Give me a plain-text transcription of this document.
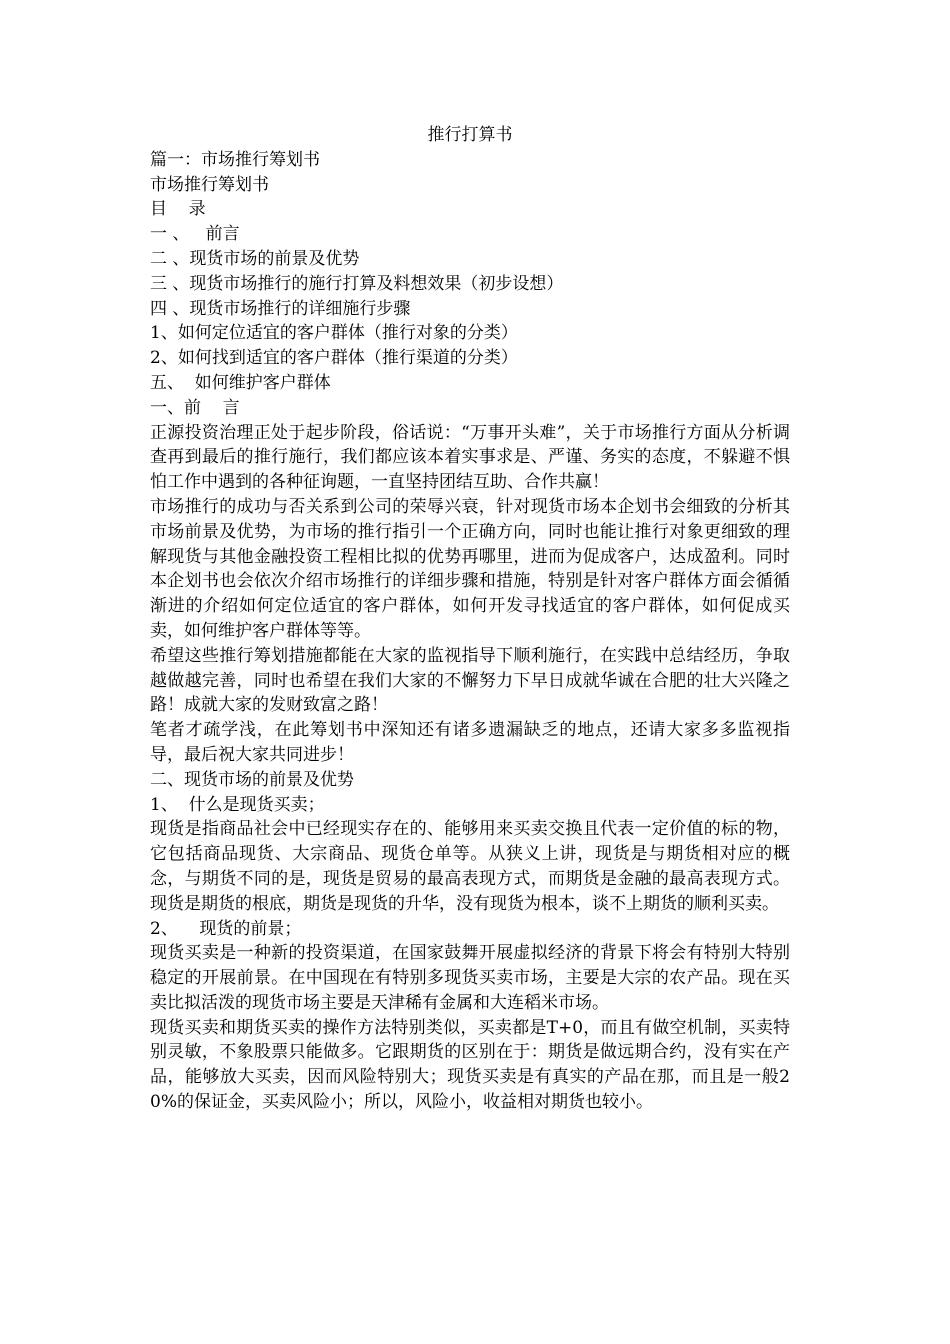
推行打算书

篇一：市场推行筹划书

市场推行筹划书

目    录

一 、   前言

二 、现货市场的前景及优势

三 、现货市场推行的施行打算及料想效果（初步设想）

四 、现货市场推行的详细施行步骤

1、如何定位适宜的客户群体（推行对象的分类）

2、如何找到适宜的客户群体（推行渠道的分类）

五、  如何维护客户群体

一、前    言

正源投资治理正处于起步阶段，俗话说：“万事开头难”，关于市场推行方面从分析调查再到最后的推行施行，我们都应该本着实事求是、严谨、务实的态度，不躲避不惧怕工作中遇到的各种征询题，一直坚持团结互助、合作共赢！

市场推行的成功与否关系到公司的荣辱兴衰，针对现货市场本企划书会细致的分析其市场前景及优势，为市场的推行指引一个正确方向，同时也能让推行对象更细致的理解现货与其他金融投资工程相比拟的优势再哪里，进而为促成客户，达成盈利。同时本企划书也会依次介绍市场推行的详细步骤和措施，特别是针对客户群体方面会循循渐进的介绍如何定位适宜的客户群体，如何开发寻找适宜的客户群体，如何促成买卖，如何维护客户群体等等。

希望这些推行筹划措施都能在大家的监视指导下顺利施行，在实践中总结经历，争取越做越完善，同时也希望在我们大家的不懈努力下早日成就华诚在合肥的壮大兴隆之路！成就大家的发财致富之路！

笔者才疏学浅，在此筹划书中深知还有诸多遗漏缺乏的地点，还请大家多多监视指导，最后祝大家共同进步！

二、现货市场的前景及优势

1、  什么是现货买卖；

现货是指商品社会中已经现实存在的、能够用来买卖交换且代表一定价值的标的物，它包括商品现货、大宗商品、现货仓单等。从狭义上讲，现货是与期货相对应的概念，与期货不同的是，现货是贸易的最高表现方式，而期货是金融的最高表现方式。现货是期货的根底，期货是现货的升华，没有现货为根本，谈不上期货的顺利买卖。

2、    现货的前景；

现货买卖是一种新的投资渠道，在国家鼓舞开展虚拟经济的背景下将会有特别大特别稳定的开展前景。在中国现在有特别多现货买卖市场，主要是大宗的农产品。现在买卖比拟活泼的现货市场主要是天津稀有金属和大连稻米市场。

现货买卖和期货买卖的操作方法特别类似，买卖都是T+0，而且有做空机制，买卖特别灵敏，不象股票只能做多。它跟期货的区别在于：期货是做远期合约，没有实在产品，能够放大买卖，因而风险特别大；现货买卖是有真实的产品在那，而且是一般20%的保证金，买卖风险小；所以，风险小，收益相对期货也较小。
